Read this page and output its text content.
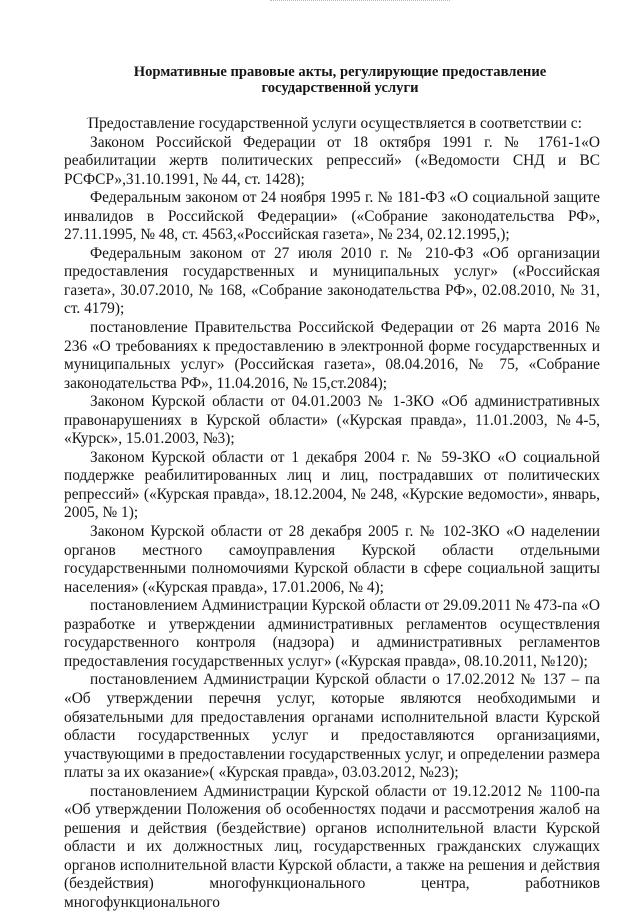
Нормативные правовые акты, регулирующие предоставление
государственной услуги
. Предоставление государственной услуги осуществляется в соответствии с:

Законом Российской Федерации от 18 октября 1991 г. № 1761-1«О реабилитации жертв политических репрессий» («Ведомости СНД и ВС РСФСР»,31.10.1991, № 44, ст. 1428);

Федеральным законом от 24 ноября 1995 г. № 181-ФЗ «О социальной защите инвалидов в Российской Федерации» («Собрание законодательства РФ», 27.11.1995, № 48, ст. 4563,«Российская газета», № 234, 02.12.1995,);

Федеральным законом от 27 июля 2010 г. № 210-ФЗ «Об организации предоставления государственных и муниципальных услуг» («Российская газета», 30.07.2010, № 168, «Собрание законодательства РФ», 02.08.2010, № 31, ст. 4179);

постановление Правительства Российской Федерации от 26 марта 2016 № 236 «О требованиях к предоставлению в электронной форме государственных и муниципальных услуг» (Российская газета», 08.04.2016, № 75, «Собрание законодательства РФ», 11.04.2016, № 15,ст.2084);

Законом Курской области от 04.01.2003 № 1-ЗКО «Об административных правонарушениях в Курской области» («Курская правда», 11.01.2003, №4-5, «Курск», 15.01.2003, №3);

Законом Курской области от 1 декабря 2004 г. № 59-ЗКО «О социальной поддержке реабилитированных лиц и лиц, пострадавших от политических репрессий» («Курская правда», 18.12.2004, № 248, «Курские ведомости», январь, 2005, № 1);

Законом Курской области от 28 декабря 2005 г. № 102-ЗКО «О наделении органов местного самоуправления Курской области отдельными государственными полномочиями Курской области в сфере социальной защиты населения» («Курская правда», 17.01.2006, № 4);

постановлением Администрации Курской области от 29.09.2011 № 473-па «О разработке и утверждении административных регламентов осуществления государственного контроля (надзора) и административных регламентов предоставления государственных услуг» («Курская правда», 08.10.2011, №120);

постановлением Администрации Курской области о 17.02.2012 № 137 – па «Об утверждении перечня услуг, которые являются необходимыми и обязательными для предоставления органами исполнительной власти Курской области государственных услуг и предоставляются организациями, участвующими в предоставлении государственных услуг, и определении размера платы за их оказание»( «Курская правда», 03.03.2012, №23);

постановлением Администрации Курской области от 19.12.2012 № 1100-па «Об утверждении Положения об особенностях подачи и рассмотрения жалоб на решения и действия (бездействие) органов исполнительной власти Курской области и их должностных лиц, государственных гражданских служащих органов исполнительной власти Курской области, а также на решения и действия (бездействия) многофункционального центра, работников многофункционального
